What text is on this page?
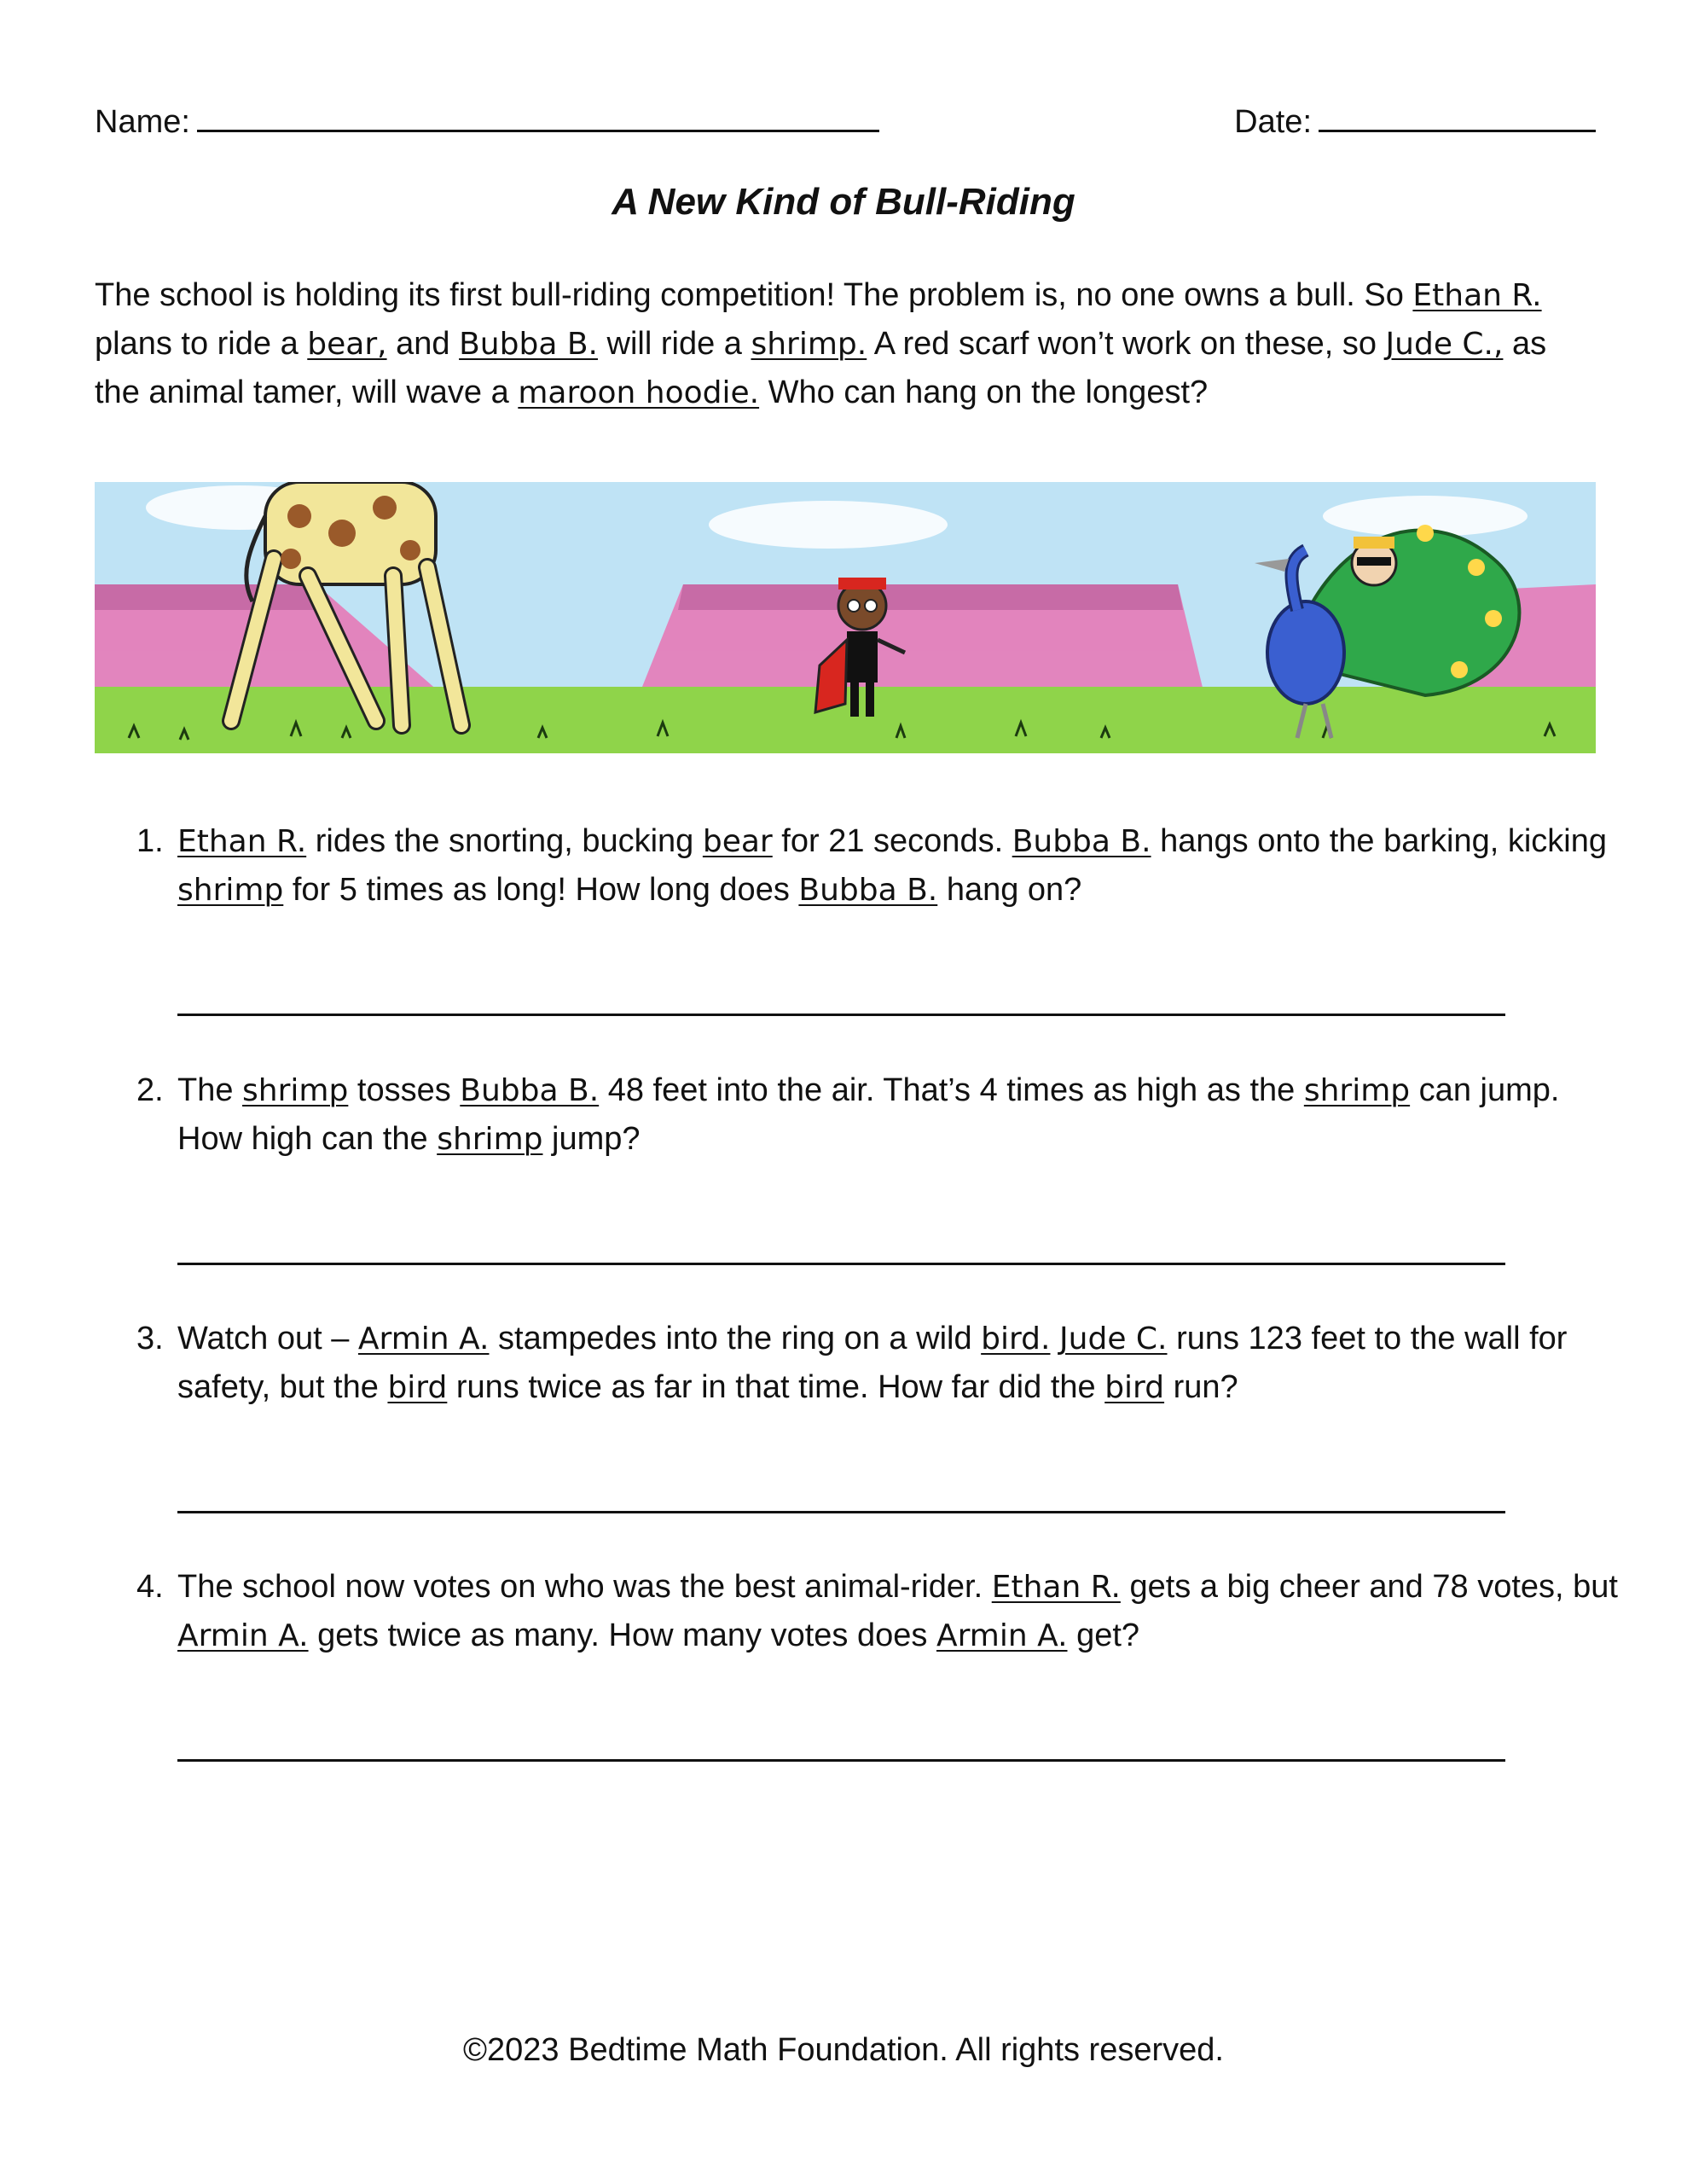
Name:	Date:
A New Kind of Bull-Riding
The school is holding its first bull-riding competition! The problem is, no one owns a bull. So Ethan R. plans to ride a bear, and Bubba B. will ride a shrimp. A red scarf won’t work on these, so Jude C., as the animal tamer, will wave a maroon hoodie. Who can hang on the longest?
1. Ethan R. rides the snorting, bucking bear for 21 seconds. Bubba B. hangs onto the barking, kicking shrimp for 5 times as long! How long does Bubba B. hang on?
2. The shrimp tosses Bubba B. 48 feet into the air. That’s 4 times as high as the shrimp can jump. How high can the shrimp jump?
3. Watch out – Armin A. stampedes into the ring on a wild bird. Jude C. runs 123 feet to the wall for safety, but the bird runs twice as far in that time. How far did the bird run?
4. The school now votes on who was the best animal-rider. Ethan R. gets a big cheer and 78 votes, but Armin A. gets twice as many. How many votes does Armin A. get?
©2023 Bedtime Math Foundation. All rights reserved.
